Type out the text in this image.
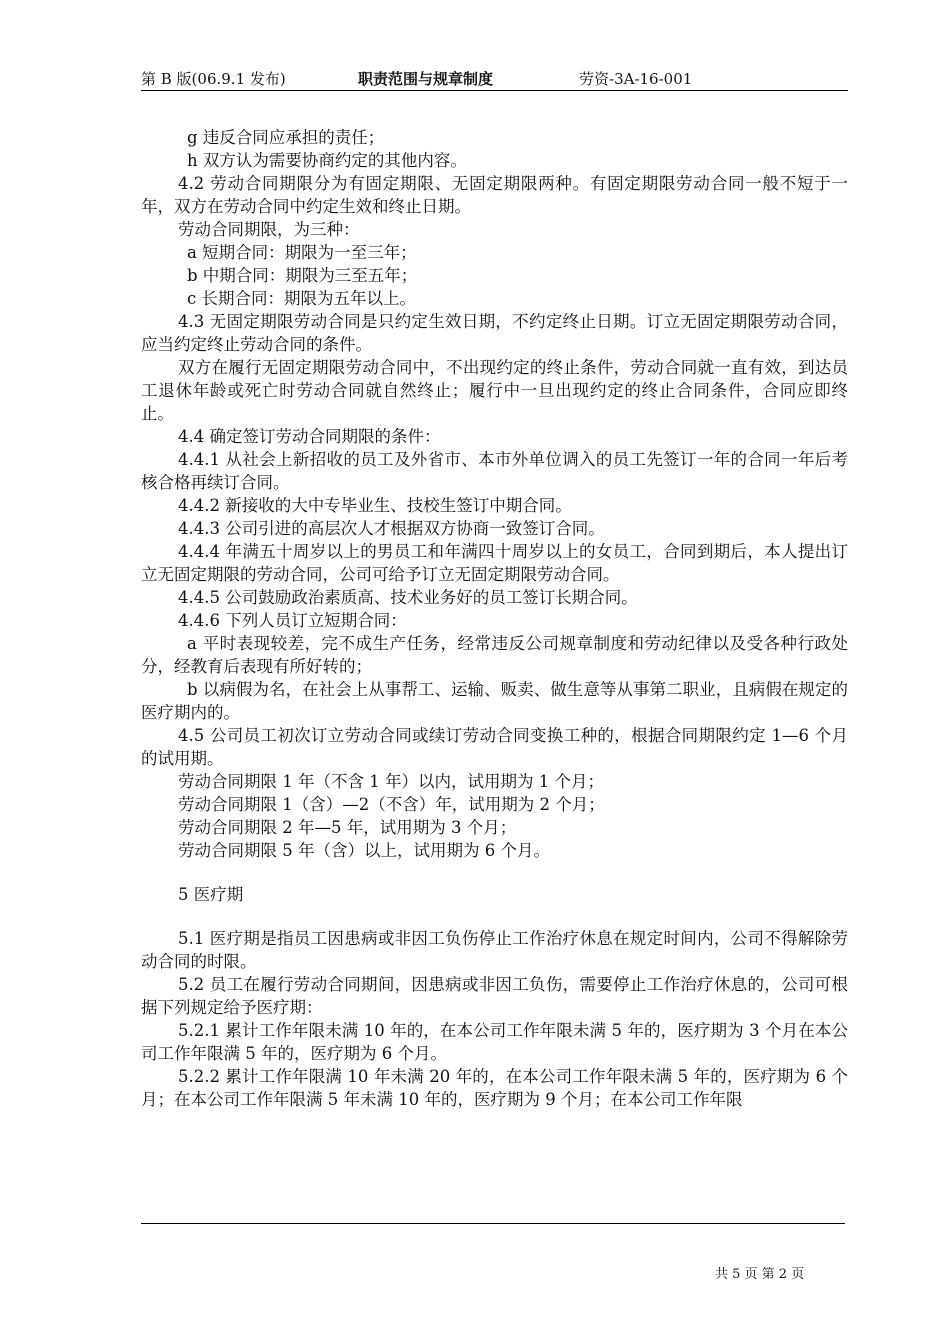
第 B 版(06.9.1 发布)	职责范围与规章制度	劳资-3A-16-001

g 违反合同应承担的责任；

h 双方认为需要协商约定的其他内容。

4.2 劳动合同期限分为有固定期限、无固定期限两种。有固定期限劳动合同一般不短于一年，双方在劳动合同中约定生效和终止日期。

劳动合同期限，为三种：

a 短期合同：期限为一至三年；

b 中期合同：期限为三至五年；

c 长期合同：期限为五年以上。

4.3 无固定期限劳动合同是只约定生效日期，不约定终止日期。订立无固定期限劳动合同，应当约定终止劳动合同的条件。

双方在履行无固定期限劳动合同中，不出现约定的终止条件，劳动合同就一直有效，到达员工退休年龄或死亡时劳动合同就自然终止；履行中一旦出现约定的终止合同条件，合同应即终止。

4.4 确定签订劳动合同期限的条件：

4.4.1 从社会上新招收的员工及外省市、本市外单位调入的员工先签订一年的合同一年后考核合格再续订合同。

4.4.2 新接收的大中专毕业生、技校生签订中期合同。

4.4.3 公司引进的高层次人才根据双方协商一致签订合同。

4.4.4 年满五十周岁以上的男员工和年满四十周岁以上的女员工，合同到期后，本人提出订立无固定期限的劳动合同，公司可给予订立无固定期限劳动合同。

4.4.5 公司鼓励政治素质高、技术业务好的员工签订长期合同。

4.4.6 下列人员订立短期合同：

a 平时表现较差，完不成生产任务，经常违反公司规章制度和劳动纪律以及受各种行政处分，经教育后表现有所好转的；

b 以病假为名，在社会上从事帮工、运输、贩卖、做生意等从事第二职业，且病假在规定的医疗期内的。

4.5 公司员工初次订立劳动合同或续订劳动合同变换工种的，根据合同期限约定 1—6 个月的试用期。

劳动合同期限 1 年（不含 1 年）以内，试用期为 1 个月；

劳动合同期限 1（含）—2（不含）年，试用期为 2 个月；

劳动合同期限 2 年—5 年，试用期为 3 个月；

劳动合同期限 5 年（含）以上，试用期为 6 个月。

5 医疗期

5.1 医疗期是指员工因患病或非因工负伤停止工作治疗休息在规定时间内，公司不得解除劳动合同的时限。

5.2 员工在履行劳动合同期间，因患病或非因工负伤，需要停止工作治疗休息的，公司可根据下列规定给予医疗期：

5.2.1 累计工作年限未满 10 年的，在本公司工作年限未满 5 年的，医疗期为 3 个月在本公司工作年限满 5 年的，医疗期为 6 个月。

5.2.2 累计工作年限满 10 年未满 20 年的，在本公司工作年限未满 5 年的，医疗期为 6 个月；在本公司工作年限满 5 年未满 10 年的，医疗期为 9 个月；在本公司工作年限

共 5 页 第 2 页
